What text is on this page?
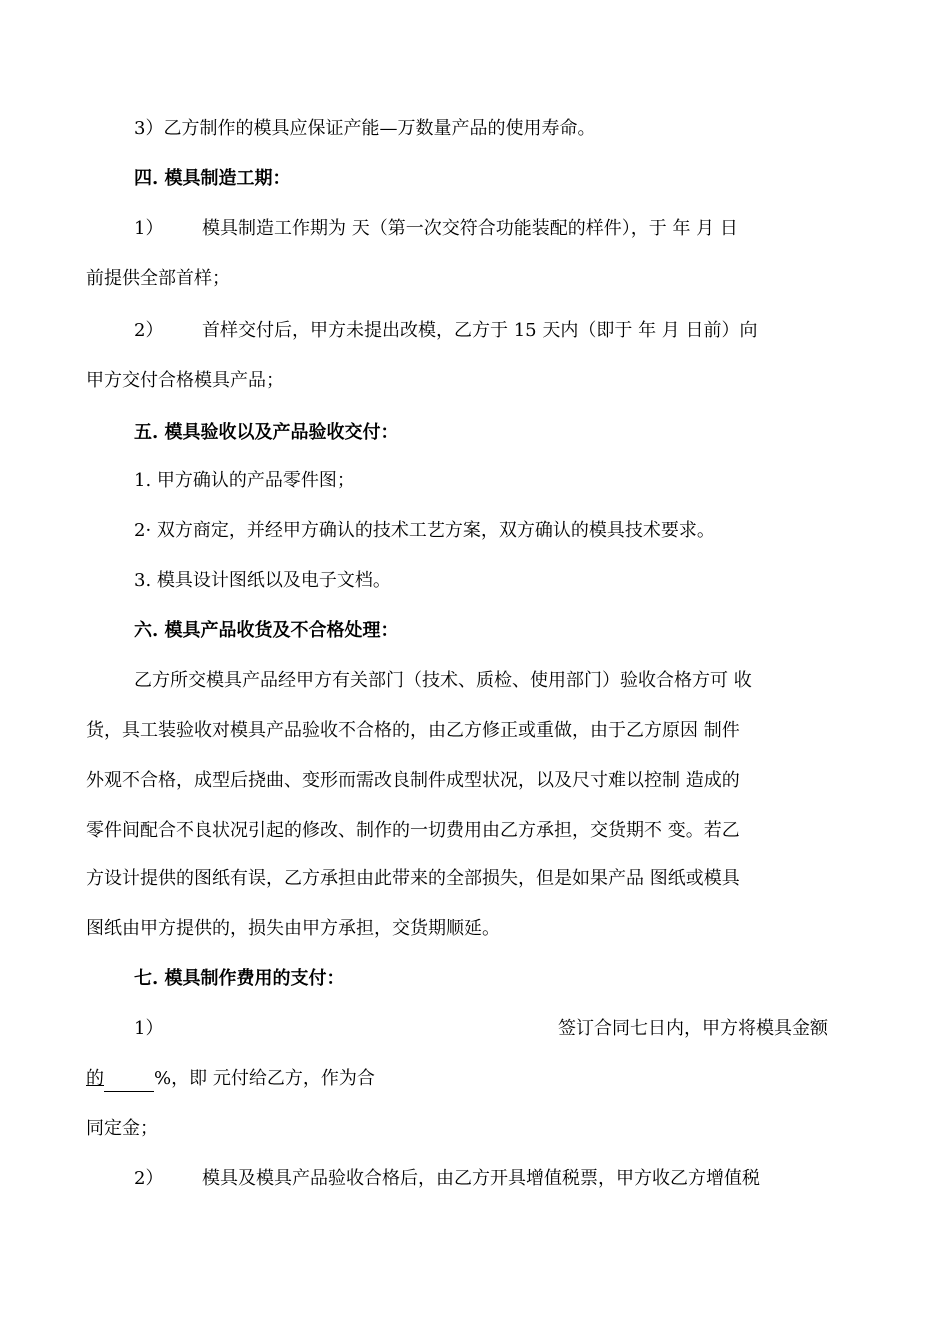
3）乙方制作的模具应保证产能—万数量产品的使用寿命。
四. 模具制造工期：
1） 模具制造工作期为 天（第一次交符合功能装配的样件），于 年 月 日
前提供全部首样；
2） 首样交付后，甲方未提出改模，乙方于 15 天内（即于 年 月 日前）向
甲方交付合格模具产品；
五. 模具验收以及产品验收交付：
1. 甲方确认的产品零件图；
2· 双方商定，并经甲方确认的技术工艺方案，双方确认的模具技术要求。
3. 模具设计图纸以及电子文档。
六. 模具产品收货及不合格处理：
乙方所交模具产品经甲方有关部门（技术、质检、使用部门）验收合格方可 收
货，具工装验收对模具产品验收不合格的，由乙方修正或重做，由于乙方原因 制件
外观不合格，成型后挠曲、变形而需改良制件成型状况，以及尺寸难以控制 造成的
零件间配合不良状况引起的修改、制作的一切费用由乙方承担，交货期不 变。若乙
方设计提供的图纸有误，乙方承担由此带来的全部损失，但是如果产品 图纸或模具
图纸由甲方提供的，损失由甲方承担，交货期顺延。
七. 模具制作费用的支付：
1）	签订合同七日内，甲方将模具金额
的	%，即 元付给乙方，作为合
同定金；
2） 模具及模具产品验收合格后，由乙方开具增值税票，甲方收乙方增值税
